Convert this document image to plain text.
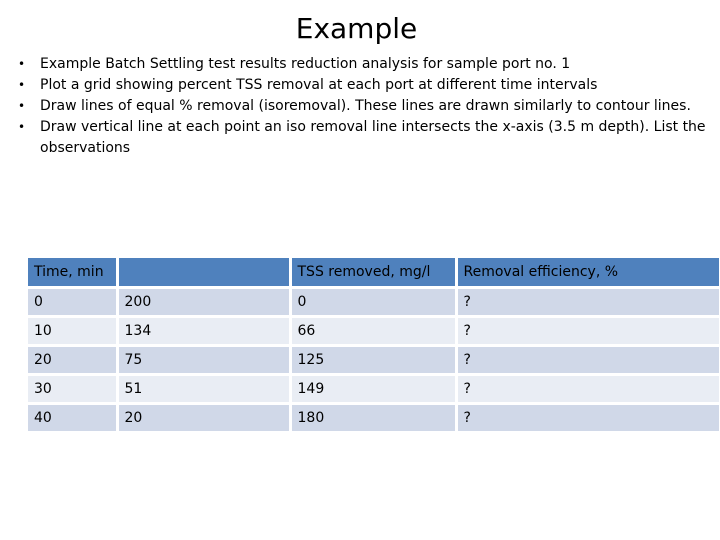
Example
• Example Batch Settling test results reduction analysis for sample port no. 1
• Plot a grid showing percent TSS removal at each port at different time intervals
• Draw lines of equal % removal (isoremoval). These lines are drawn similarly to contour lines.
• Draw vertical line at each point an iso removal line intersects the x-axis (3.5 m depth). List the observations
Time, min		TSS removed, mg/l	Removal efficiency, %
0	200	0	?
10	134	66	?
20	75	125	?
30	51	149	?
40	20	180	?
